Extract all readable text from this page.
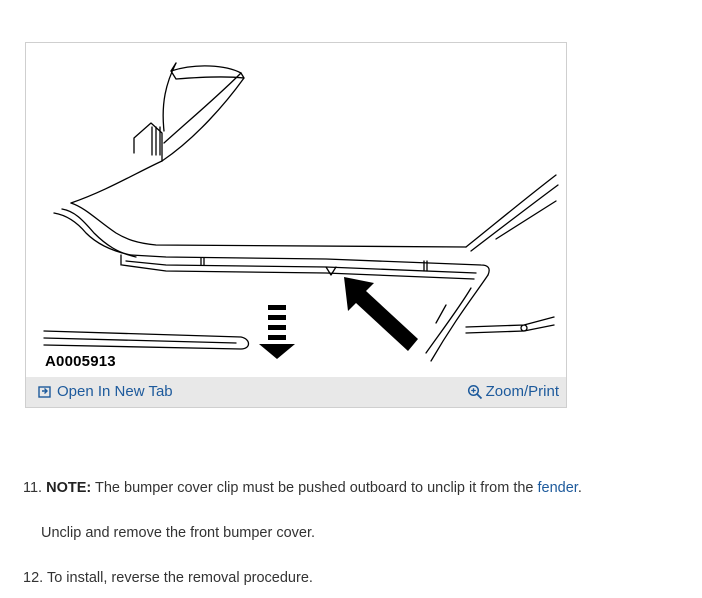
A0005913
Open In New Tab	Zoom/Print
11. NOTE: The bumper cover clip must be pushed outboard to unclip it from the fender.
Unclip and remove the front bumper cover.
12. To install, reverse the removal procedure.
